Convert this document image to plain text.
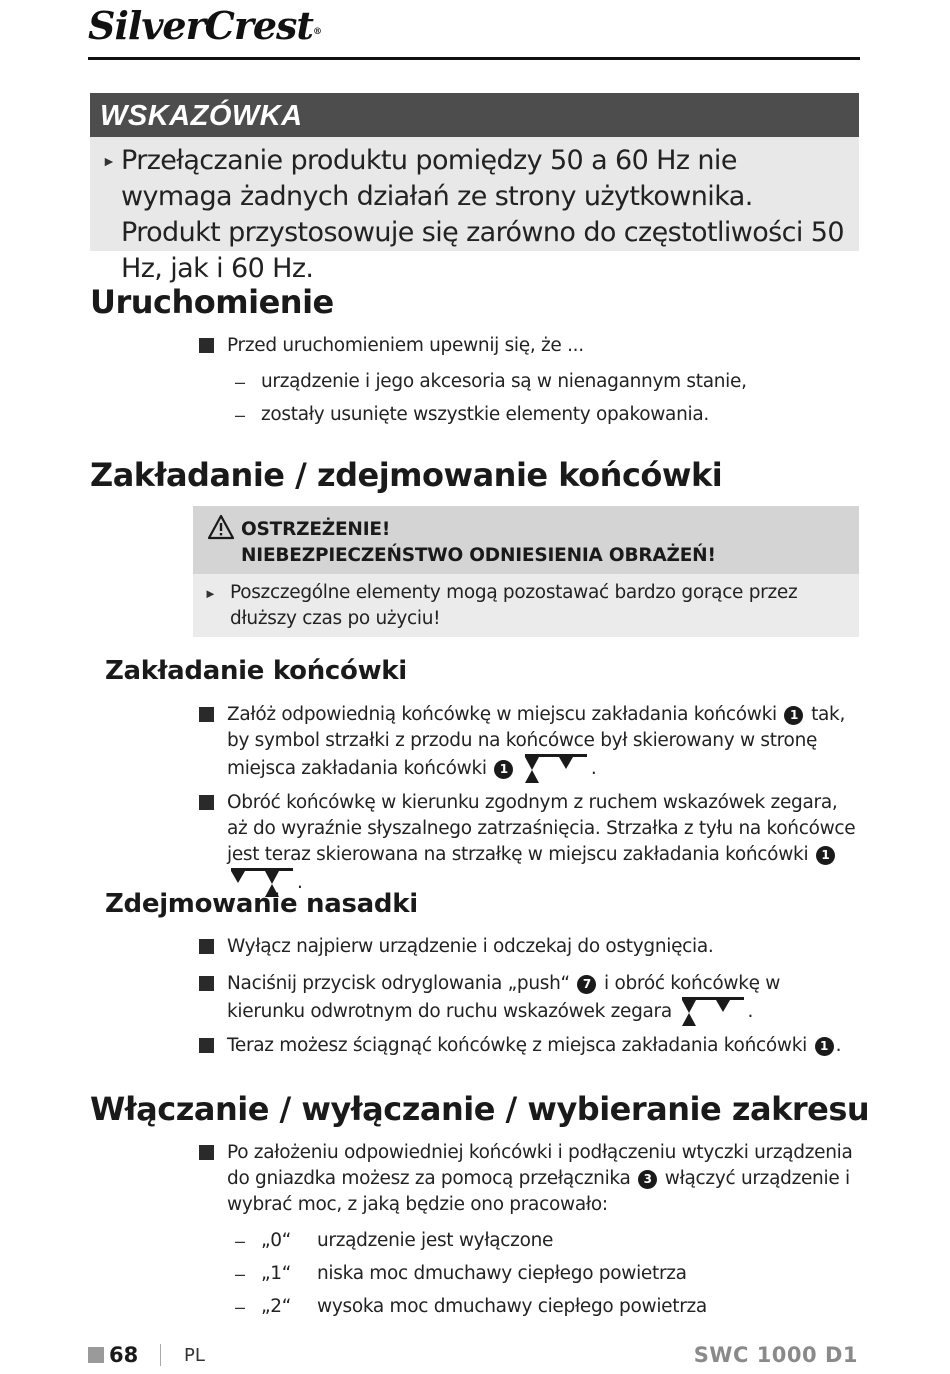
SilverCrest®
WSKAZÓWKA
► Przełączanie produktu pomiędzy 50 a 60 Hz nie wymaga żadnych działań ze strony użytkownika. Produkt przystosowuje się zarówno do częstotliwości 50 Hz, jak i 60 Hz.
Uruchomienie
Przed uruchomieniem upewnij się, że ...
– urządzenie i jego akcesoria są w nienagannym stanie,
– zostały usunięte wszystkie elementy opakowania.
Zakładanie / zdejmowanie końcówki
OSTRZEŻENIE!
NIEBEZPIECZEŃSTWO ODNIESIENIA OBRAŻEŃ!
► Poszczególne elementy mogą pozostawać bardzo gorące przez dłuższy czas po użyciu!
Zakładanie końcówki
Załóż odpowiednią końcówkę w miejscu zakładania końcówki 1 tak, by symbol strzałki z przodu na końcówce był skierowany w stronę miejsca zakładania końcówki 1	.
Obróć końcówkę w kierunku zgodnym z ruchem wskazówek zegara, aż do wyraźnie słyszalnego zatrzaśnięcia. Strzałka z tyłu na końcówce jest teraz skierowana na strzałkę w miejscu zakładania końcówki 1 .
Zdejmowanie nasadki
Wyłącz najpierw urządzenie i odczekaj do ostygnięcia.
Naciśnij przycisk odryglowania „push“ 7 i obróć końcówkę w kierunku odwrotnym do ruchu wskazówek zegara	.
Teraz możesz ściągnąć końcówkę z miejsca zakładania końcówki 1 .
Włączanie / wyłączanie / wybieranie zakresu
Po założeniu odpowiedniej końcówki i podłączeniu wtyczki urządzenia do gniazdka możesz za pomocą przełącznika 3 włączyć urządzenie i wybrać moc, z jaką będzie ono pracowało:
– „0“ urządzenie jest wyłączone
– „1“ niska moc dmuchawy ciepłego powietrza
– „2“ wysoka moc dmuchawy ciepłego powietrza
68	PL	SWC 1000 D1
